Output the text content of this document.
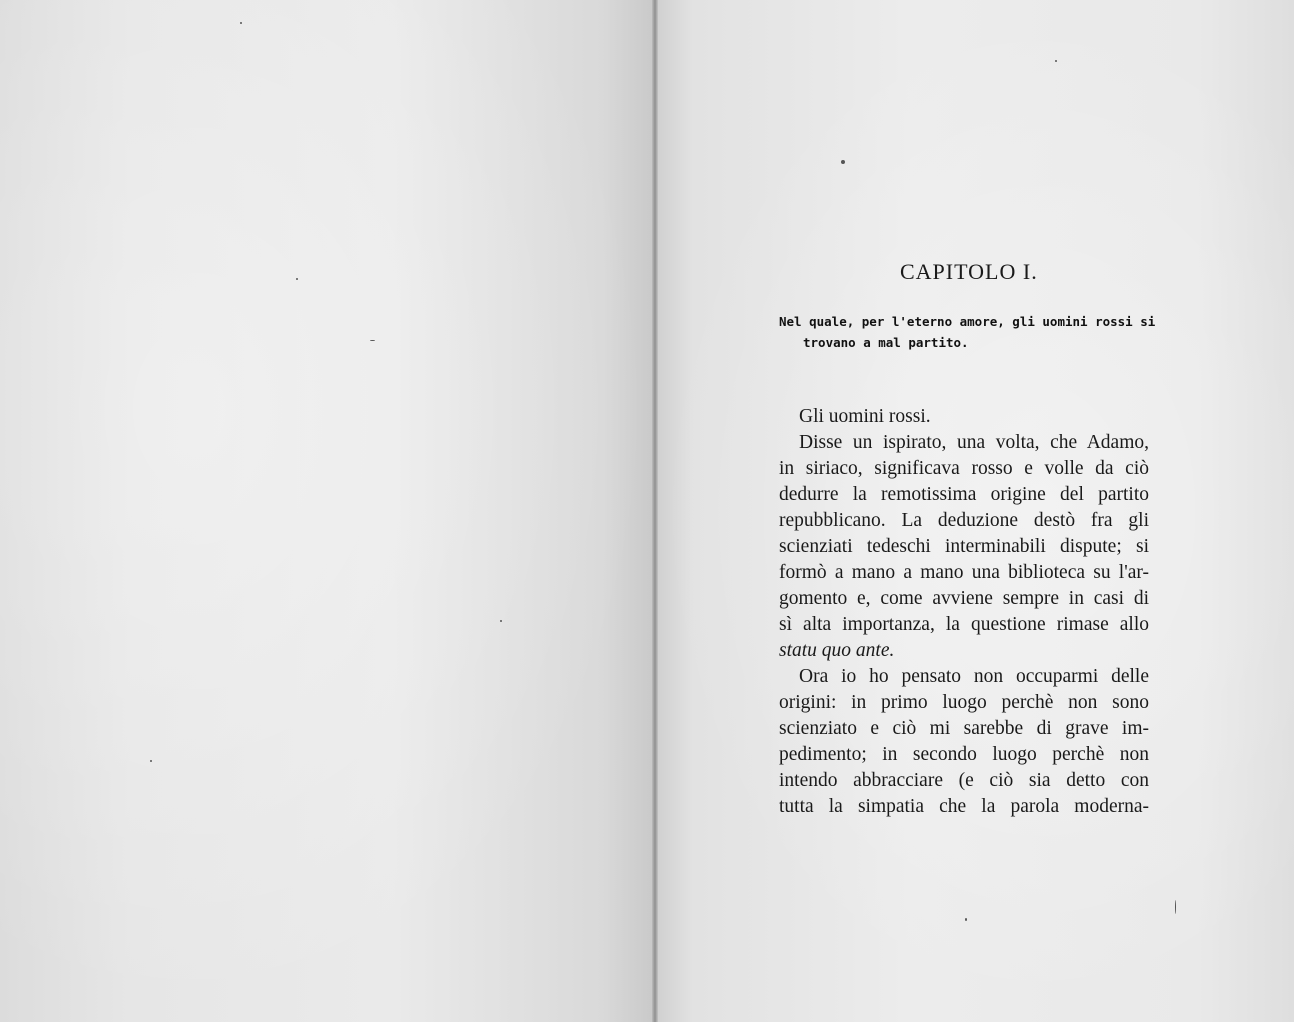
CAPITOLO I.

Nel quale, per l'eterno amore, gli uomini rossi si trovano a mal partito.

Gli uomini rossi.
Disse un ispirato, una volta, che Adamo,
in siriaco, significava rosso e volle da ciò
dedurre la remotissima origine del partito
repubblicano. La deduzione destò fra gli
scienziati tedeschi interminabili dispute; si
formò a mano a mano una biblioteca su l'ar-
gomento e, come avviene sempre in casi di
sì alta importanza, la questione rimase allo
statu quo ante.
Ora io ho pensato non occuparmi delle
origini: in primo luogo perchè non sono
scienziato e ciò mi sarebbe di grave im-
pedimento; in secondo luogo perchè non
intendo abbracciare (e ciò sia detto con
tutta la simpatia che la parola moderna-
